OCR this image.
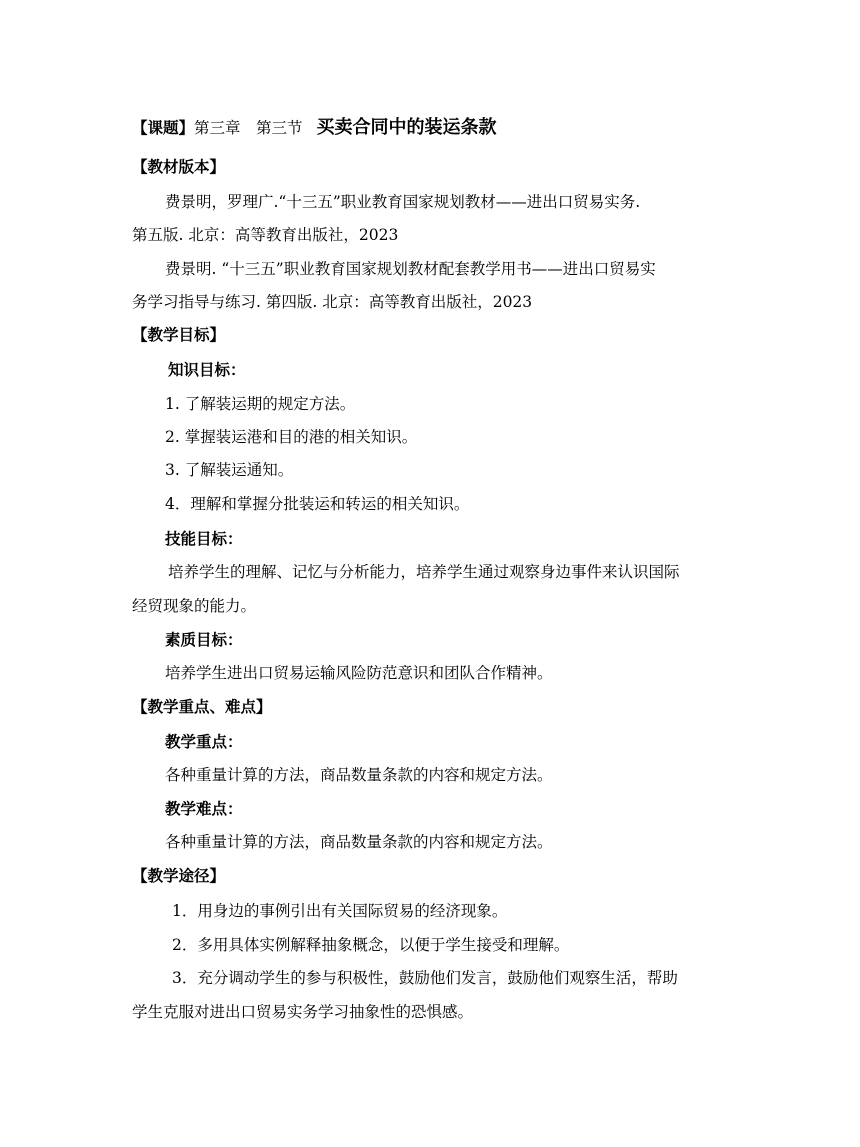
【课题】第三章　第三节 买卖合同中的装运条款
【教材版本】
费景明，罗理广.“十三五”职业教育国家规划教材——进出口贸易实务.
第五版. 北京：高等教育出版社，2023
费景明. “十三五”职业教育国家规划教材配套教学用书——进出口贸易实
务学习指导与练习. 第四版. 北京：高等教育出版社，2023
【教学目标】
知识目标：
1. 了解装运期的规定方法。
2. 掌握装运港和目的港的相关知识。
3. 了解装运通知。
4．理解和掌握分批装运和转运的相关知识。
技能目标：
培养学生的理解、记忆与分析能力，培养学生通过观察身边事件来认识国际
经贸现象的能力。
素质目标：
培养学生进出口贸易运输风险防范意识和团队合作精神。
【教学重点、难点】
教学重点：
各种重量计算的方法，商品数量条款的内容和规定方法。
教学难点：
各种重量计算的方法，商品数量条款的内容和规定方法。
【教学途径】
1．用身边的事例引出有关国际贸易的经济现象。
2．多用具体实例解释抽象概念，以便于学生接受和理解。
3．充分调动学生的参与积极性，鼓励他们发言，鼓励他们观察生活，帮助
学生克服对进出口贸易实务学习抽象性的恐惧感。
